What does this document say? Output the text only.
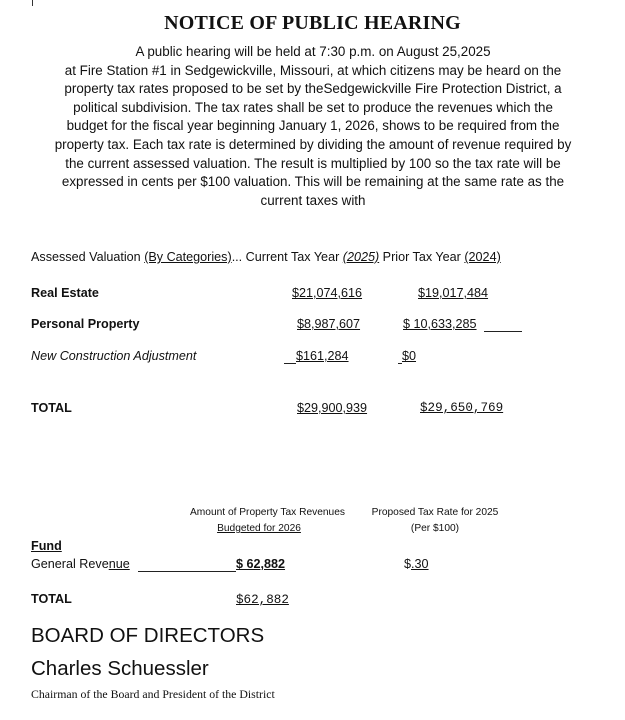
NOTICE OF PUBLIC HEARING
A public hearing will be held at 7:30 p.m. on August 25,2025
at Fire Station #1 in Sedgewickville, Missouri, at which citizens may be heard on the
property tax rates proposed to be set by theSedgewickville Fire Protection District, a
political subdivision. The tax rates shall be set to produce the revenues which the
budget for the fiscal year beginning January 1, 2026, shows to be required from the
property tax. Each tax rate is determined by dividing the amount of revenue required by
the current assessed valuation. The result is multiplied by 100 so the tax rate will be
expressed in cents per $100 valuation. This will be remaining at the same rate as the
current taxes with
Assessed Valuation (By Categories)... Current Tax Year (2025) Prior Tax Year (2024)
Real Estate	$21,074,616	$19,017,484
Personal Property	$8,987,607	$ 10,633,285
New Construction Adjustment	$161,284	$0
TOTAL	$29,900,939	$29,650,769
Amount of Property Tax Revenues
Budgeted for 2026
Proposed Tax Rate for 2025
(Per $100)
Fund
General Revenue	$ 62,882	$.30
TOTAL	$62,882
BOARD OF DIRECTORS
Charles Schuessler
Chairman of the Board and President of the District
